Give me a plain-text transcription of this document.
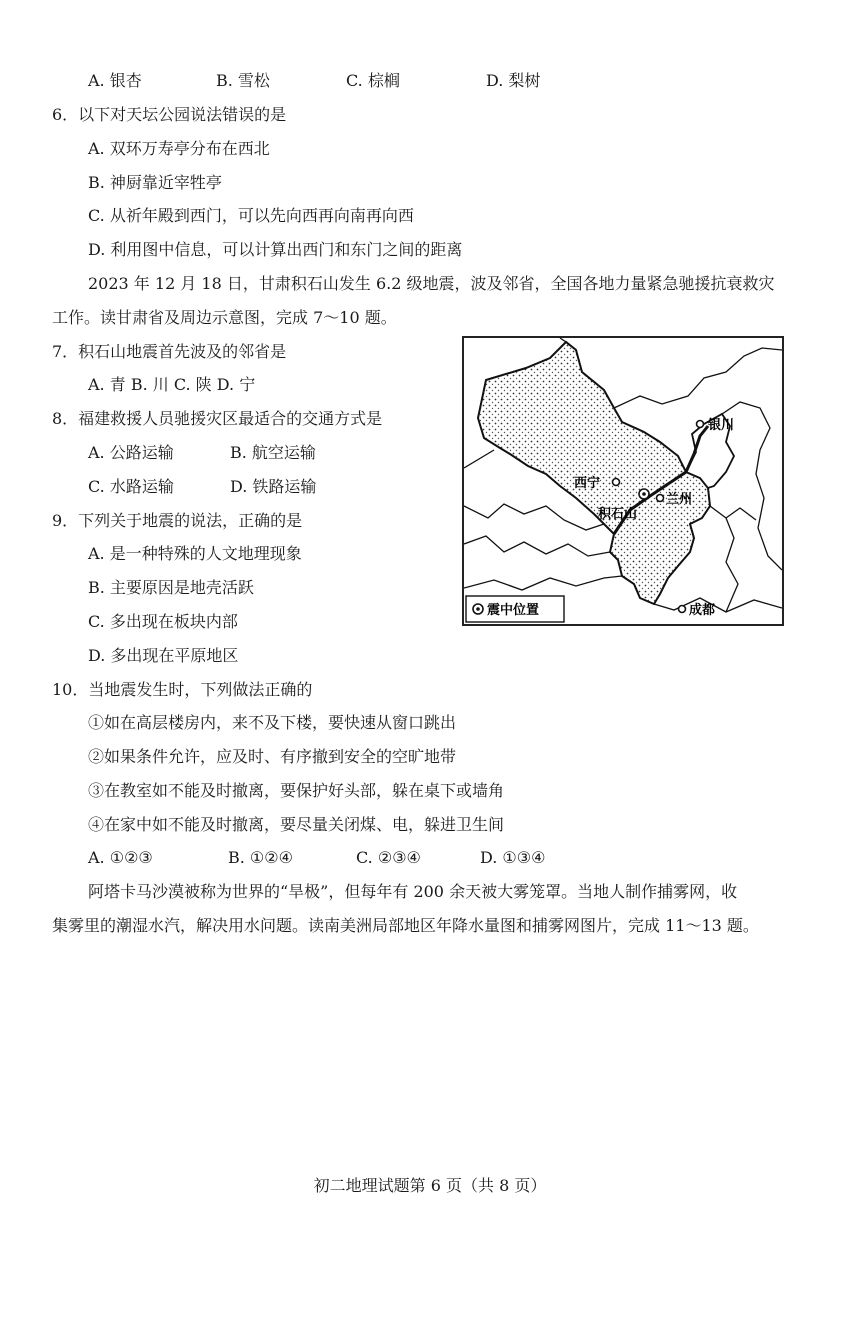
A. 银杏	B. 雪松	C. 棕榈	D. 梨树
6．以下对天坛公园说法错误的是
A. 双环万寿亭分布在西北
B. 神厨靠近宰牲亭
C. 从祈年殿到西门，可以先向西再向南再向西
D. 利用图中信息，可以计算出西门和东门之间的距离
2023 年 12 月 18 日，甘肃积石山发生 6.2 级地震，波及邻省，全国各地力量紧急驰援抗衰救灾
工作。读甘肃省及周边示意图，完成 7～10 题。
7．积石山地震首先波及的邻省是
A. 青 B. 川 C. 陕 D. 宁
8．福建救援人员驰援灾区最适合的交通方式是
A. 公路运输	B. 航空运输
C. 水路运输	D. 铁路运输
9．下列关于地震的说法，正确的是
A. 是一种特殊的人文地理现象
B. 主要原因是地壳活跃
C. 多出现在板块内部
D. 多出现在平原地区
10．当地震发生时，下列做法正确的
①如在高层楼房内，来不及下楼，要快速从窗口跳出
②如果条件允许，应及时、有序撤到安全的空旷地带
③在教室如不能及时撤离，要保护好头部，躲在桌下或墙角
④在家中如不能及时撤离，要尽量关闭煤、电，躲进卫生间
A. ①②③	B. ①②④	C. ②③④	D. ①③④
阿塔卡马沙漠被称为世界的“旱极”，但每年有 200 余天被大雾笼罩。当地人制作捕雾网，收
集雾里的潮湿水汽，解决用水问题。读南美洲局部地区年降水量图和捕雾网图片，完成 11～13 题。
银川
西宁
兰州
积石山
成都
震中位置
初二地理试题第 6 页（共 8 页）
